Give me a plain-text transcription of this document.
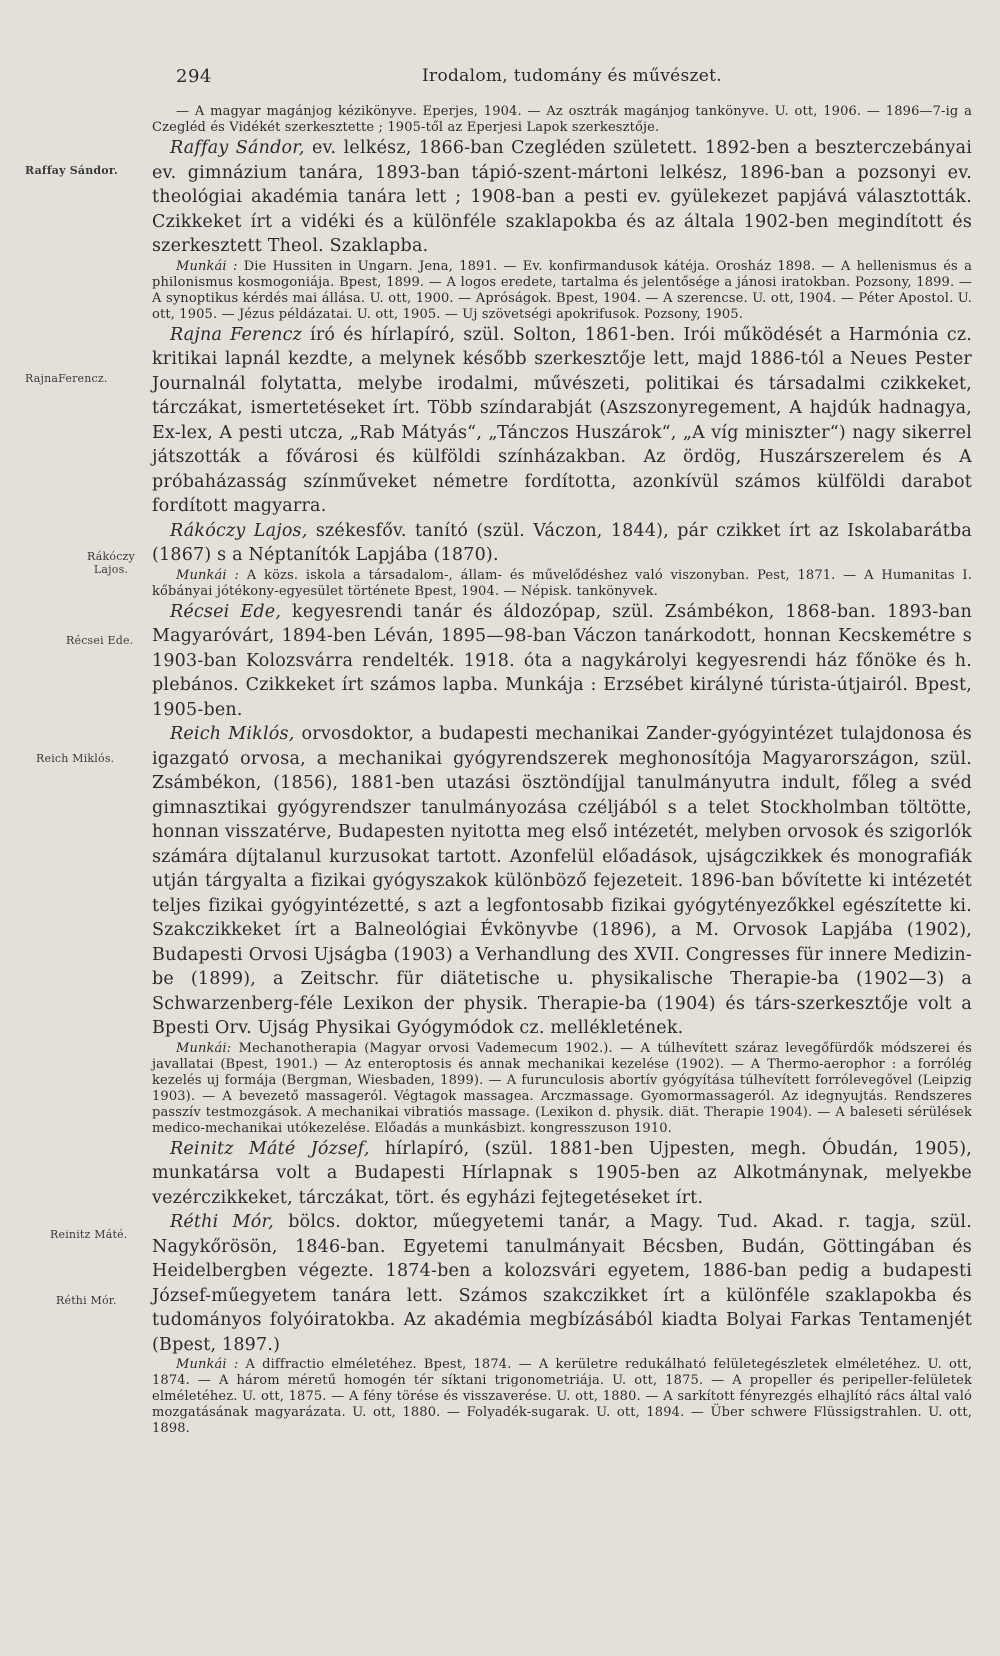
294	Irodalom, tudomány és művészet.
Raffay Sándor.
RajnaFerencz.
Rákóczy
Lajos.
Récsei Ede.
Reich Miklós.
Reinitz Máté.
Réthi Mór.

— A magyar magánjog kézikönyve. Eperjes, 1904. — Az osztrák magánjog tankönyve. U. ott, 1906. — 1896—7-ig a Czegléd és Vidékét szerkesztette ; 1905-től az Eperjesi Lapok szerkesztője.

Raffay Sándor, ev. lelkész, 1866-ban Czegléden született. 1892-ben a beszterczebányai ev. gimnázium tanára, 1893-ban tápió-szent-mártoni lelkész, 1896-ban a pozsonyi ev. theológiai akadémia tanára lett ; 1908-ban a pesti ev. gyülekezet papjává választották. Czikkeket írt a vidéki és a különféle szaklapokba és az általa 1902-ben megindított és szerkesztett Theol. Szaklapba.

Munkái : Die Hussiten in Ungarn. Jena, 1891. — Ev. konfirmandusok kátéja. Orosház 1898. — A hellenismus és a philonismus kosmogoniája. Bpest, 1899. — A logos eredete, tartalma és jelentősége a jánosi iratokban. Pozsony, 1899. — A synoptikus kérdés mai állása. U. ott, 1900. — Apróságok. Bpest, 1904. — A szerencse. U. ott, 1904. — Péter Apostol. U. ott, 1905. — Jézus példázatai. U. ott, 1905. — Uj szövetségi apokrifusok. Pozsony, 1905.

Rajna Ferencz író és hírlapíró, szül. Solton, 1861-ben. Irói működését a Harmónia cz. kritikai lapnál kezdte, a melynek később szerkesztője lett, majd 1886-tól a Neues Pester Journalnál folytatta, melybe irodalmi, művészeti, politikai és társadalmi czikkeket, tárczákat, ismertetéseket írt. Több színdarabját (Aszszonyregement, A hajdúk hadnagya, Ex-lex, A pesti utcza, „Rab Mátyás“, „Tánczos Huszárok“, „A víg miniszter“) nagy sikerrel játszották a fővárosi és külföldi színházakban. Az ördög, Huszárszerelem és A próbaházasság színműveket németre fordította, azonkívül számos külföldi darabot fordított magyarra.

Rákóczy Lajos, székesfőv. tanító (szül. Váczon, 1844), pár czikket írt az Iskolabarátba (1867) s a Néptanítók Lapjába (1870).

Munkái : A közs. iskola a társadalom-, állam- és művelődéshez való viszonyban. Pest, 1871. — A Humanitas I. kőbányai jótékony-egyesület története Bpest, 1904. — Népisk. tankönyvek.

Récsei Ede, kegyesrendi tanár és áldozópap, szül. Zsámbékon, 1868-ban. 1893-ban Magyaróvárt, 1894-ben Léván, 1895—98-ban Váczon tanárkodott, honnan Kecskemétre s 1903-ban Kolozsvárra rendelték. 1918. óta a nagykárolyi kegyesrendi ház főnöke és h. plebános. Czikkeket írt számos lapba. Munkája : Erzsébet királyné túrista-útjairól. Bpest, 1905-ben.

Reich Miklós, orvosdoktor, a budapesti mechanikai Zander-gyógyintézet tulajdonosa és igazgató orvosa, a mechanikai gyógyrendszerek meghonosítója Magyarországon, szül. Zsámbékon, (1856), 1881-ben utazási ösztöndíjjal tanulmányutra indult, főleg a svéd gimnasztikai gyógyrendszer tanulmányozása czéljából s a telet Stockholmban töltötte, honnan visszatérve, Budapesten nyitotta meg első intézetét, melyben orvosok és szigorlók számára díjtalanul kurzusokat tartott. Azonfelül előadások, ujságczikkek és monografiák utján tárgyalta a fizikai gyógyszakok különböző fejezeteit. 1896-ban bővítette ki intézetét teljes fizikai gyógyintézetté, s azt a legfontosabb fizikai gyógytényezőkkel egészítette ki. Szakczikkeket írt a Balneológiai Évkönyvbe (1896), a M. Orvosok Lapjába (1902), Budapesti Orvosi Ujságba (1903) a Verhandlung des XVII. Congresses für innere Medizin-be (1899), a Zeitschr. für diätetische u. physikalische Therapie-ba (1902—3) a Schwarzenberg-féle Lexikon der physik. Therapie-ba (1904) és társ-szerkesztője volt a Bpesti Orv. Ujság Physikai Gyógymódok cz. mellékletének.

Munkái: Mechanotherapia (Magyar orvosi Vademecum 1902.). — A túlhevített száraz levegőfürdők módszerei és javallatai (Bpest, 1901.) — Az enteroptosis és annak mechanikai kezelése (1902). — A Thermo-aerophor : a forrólég kezelés uj formája (Bergman, Wiesbaden, 1899). — A furunculosis abortív gyógyítása túlhevített forrólevegővel (Leipzig 1903). — A bevezető massageról. Végtagok massagea. Arczmassage. Gyomormassageról. Az idegnyujtás. Rendszeres passzív testmozgások. A mechanikai vibratiós massage. (Lexikon d. physik. diät. Therapie 1904). — A baleseti sérülések medico-mechanikai utókezelése. Előadás a munkásbizt. kongresszuson 1910.

Reinitz Máté József, hírlapíró, (szül. 1881-ben Ujpesten, megh. Óbudán, 1905), munkatársa volt a Budapesti Hírlapnak s 1905-ben az Alkotmánynak, melyekbe vezérczikkeket, tárczákat, tört. és egyházi fejtegetéseket írt.

Réthi Mór, bölcs. doktor, műegyetemi tanár, a Magy. Tud. Akad. r. tagja, szül. Nagykőrösön, 1846-ban. Egyetemi tanulmányait Bécsben, Budán, Göttingában és Heidelbergben végezte. 1874-ben a kolozsvári egyetem, 1886-ban pedig a budapesti József-műegyetem tanára lett. Számos szakczikket írt a különféle szaklapokba és tudományos folyóiratokba. Az akadémia megbízásából kiadta Bolyai Farkas Tentamenjét (Bpest, 1897.)

Munkái : A diffractio elméletéhez. Bpest, 1874. — A kerületre redukálható felületegészletek elméletéhez. U. ott, 1874. — A három méretű homogén tér síktani trigonometriája. U. ott, 1875. — A propeller és peripeller-felületek elméletéhez. U. ott, 1875. — A fény törése és visszaverése. U. ott, 1880. — A sarkított fényrezgés elhajlító rács által való mozgatásának magyarázata. U. ott, 1880. — Folyadék-sugarak. U. ott, 1894. — Über schwere Flüssigstrahlen. U. ott, 1898.
